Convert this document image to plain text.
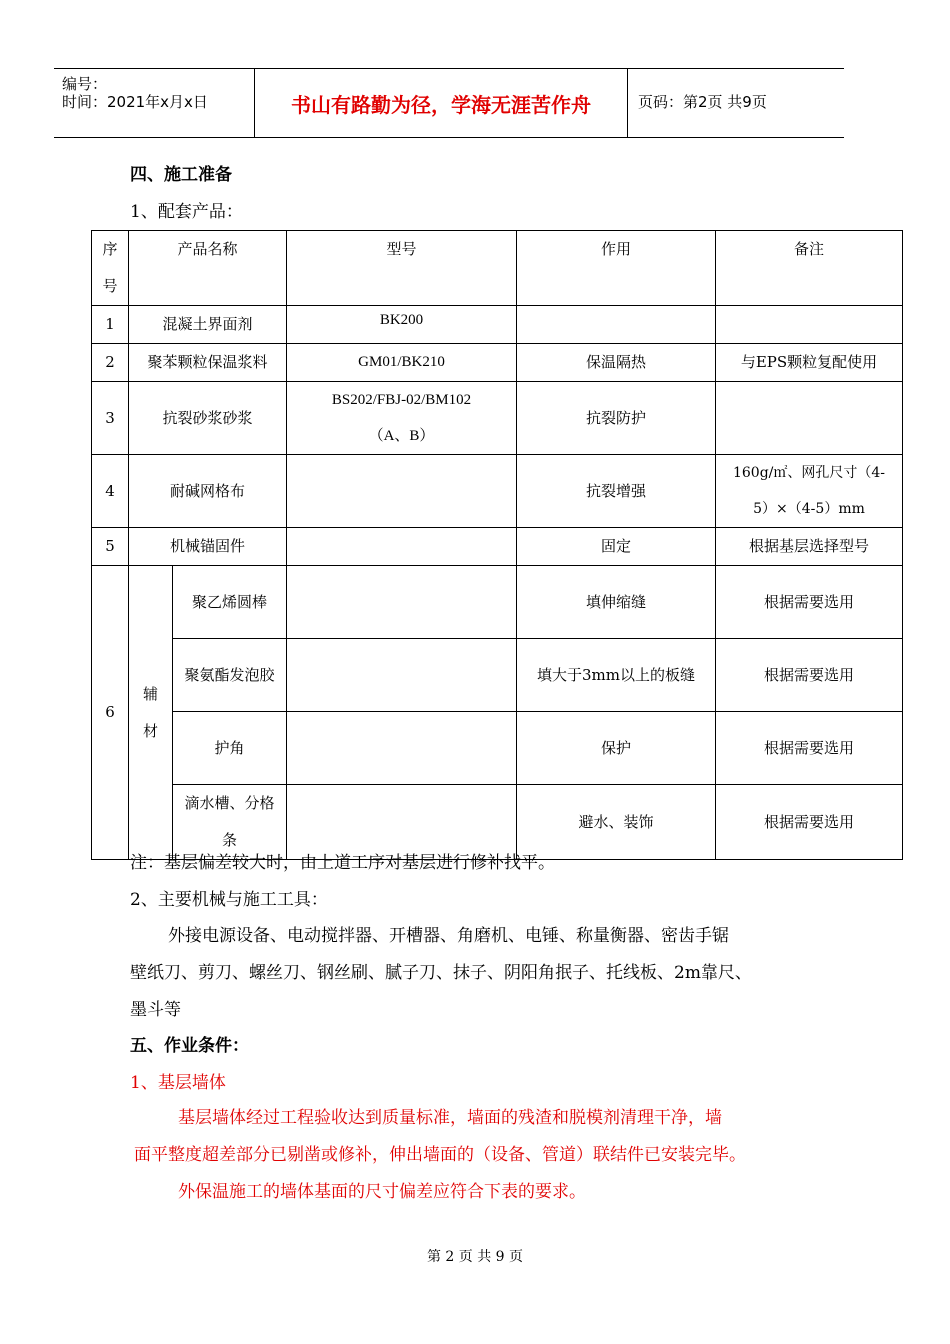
编号：
时间：2021年x月x日	书山有路勤为径，学海无涯苦作舟	页码：第2页 共9页
四、施工准备
1、配套产品：
序号	产品名称		型号	作用	备注
1	混凝土界面剂		BK200		
2	聚苯颗粒保温浆料		GM01/BK210	保温隔热	与EPS颗粒复配使用
3	抗裂砂浆砂浆		BS202/FBJ-02/BM102（A、B）	抗裂防护	
4	耐碱网格布			抗裂增强	160g/㎡、网孔尺寸（4-5）×（4-5）mm
5	机械锚固件			固定	根据基层选择型号
6	辅材	聚乙烯圆棒		填伸缩缝	根据需要选用
		聚氨酯发泡胶		填大于3mm以上的板缝	根据需要选用
		护角		保护	根据需要选用
		滴水槽、分格条		避水、装饰	根据需要选用
注：基层偏差较大时，由上道工序对基层进行修补找平。
2、主要机械与施工工具：
外接电源设备、电动搅拌器、开槽器、角磨机、电锤、称量衡器、密齿手锯
壁纸刀、剪刀、螺丝刀、钢丝刷、腻子刀、抹子、阴阳角抿子、托线板、2m靠尺、
墨斗等
五、作业条件：
1、基层墙体
基层墙体经过工程验收达到质量标准，墙面的残渣和脱模剂清理干净，墙
面平整度超差部分已剔凿或修补，伸出墙面的（设备、管道）联结件已安装完毕。
外保温施工的墙体基面的尺寸偏差应符合下表的要求。
第 2 页 共 9 页
